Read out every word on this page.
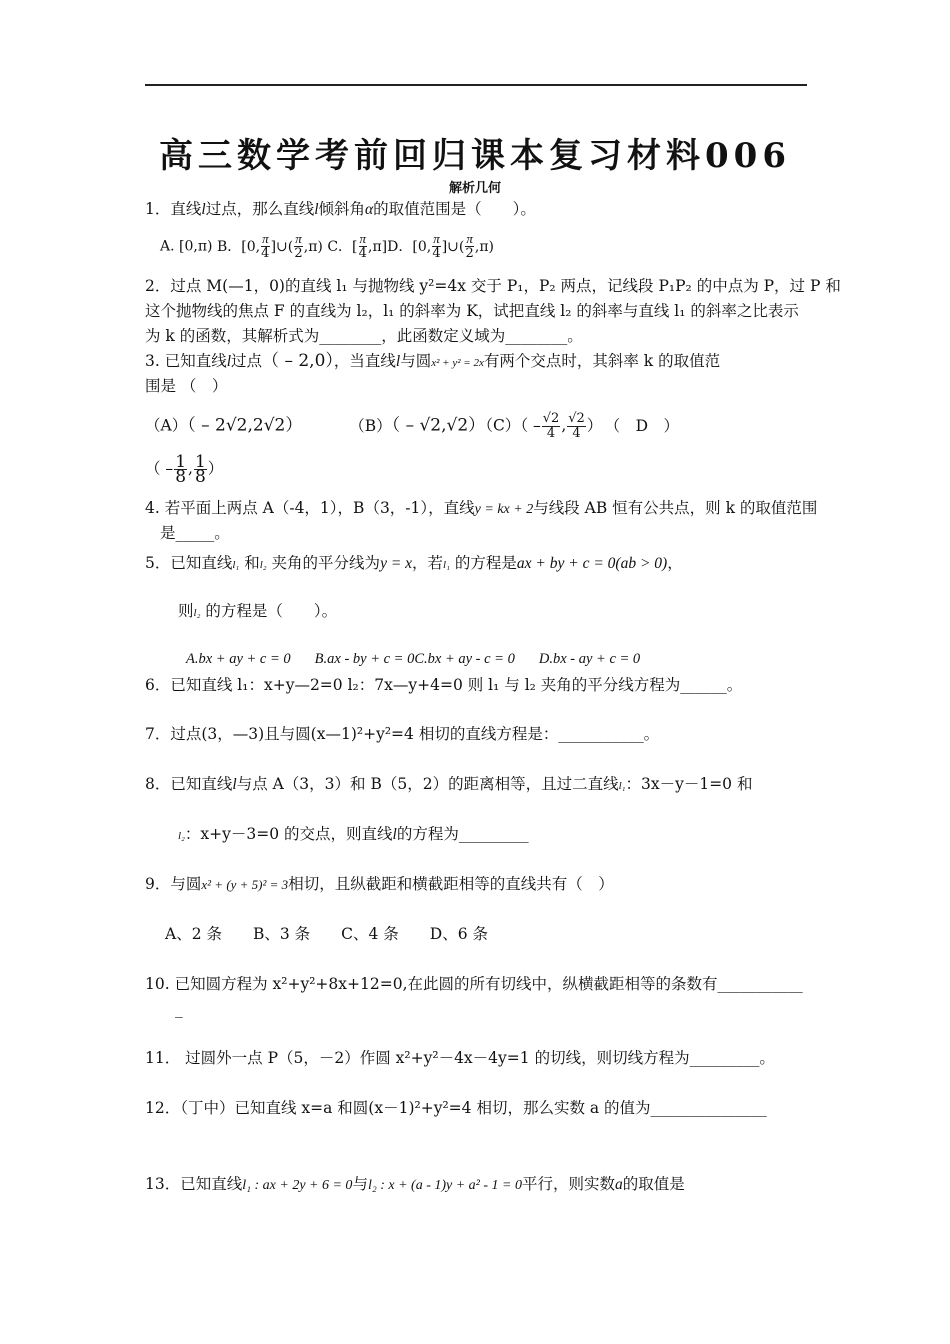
高三数学考前回归课本复习材料006
解析几何
1．直线l过点，那么直线l倾斜角α的取值范围是（　　）。
A. [0,π) B．[0, $\frac{\pi}{4}$ ]∪( $\frac{\pi}{2} ,\pi$) C．[ $\frac{\pi}{4} ,\pi]D$．[0, $\frac{\pi}{4}$ ]∪( $\frac{\pi}{2} ,\pi$)
2．过点 M(—1，0)的直线 l₁ 与抛物线 y²=4x 交于 P₁，P₂ 两点，记线段 P₁P₂ 的中点为 P，过 P 和
这个抛物线的焦点 F 的直线为 l₂，l₁ 的斜率为 K，试把直线 l₂ 的斜率与直线 l₁ 的斜率之比表示
为 k 的函数，其解析式为________，此函数定义域为________。
3. 已知直线l过点（ – 2,0），当直线l与圆x² + y² = 2x有两个交点时，其斜率 k 的取值范
围是 （　）
（A）（ – 2√2,2√2）	$(B)( - √2,√2)(C)( - \frac{√2}{4}$ , $\frac{√2}{4}$ ） （　D　）
（ – $\frac{1}{8}$ , $\frac{1}{8}$ ）
4. 若平面上两点 A（-4，1），B（3，-1），直线y = kx + 2与线段 AB 恒有公共点，则 k 的取值范围
是_____。
5．已知直线l₁ 和l₂ 夹角的平分线为y = x，若l₁ 的方程是ax + by + c = 0(ab > 0)，
则l₂ 的方程是（　　）。
A.bx + ay + c = 0 B.ax - by + c = 0C.bx + ay - c = 0 D.bx - ay + c = 0
6．已知直线 l₁：x+y—2=0 l₂：7x—y+4=0 则 l₁ 与 l₂ 夹角的平分线方程为______。
7．过点(3，—3)且与圆(x—1)²+y²=4 相切的直线方程是：___________。
8．已知直线l与点 A（3，3）和 B（5，2）的距离相等，且过二直线l₁：3x－y－1=0 和
l₂：x+y－3=0 的交点，则直线l的方程为_________
9．与圆x² + (y + 5)² = 3相切，且纵截距和横截距相等的直线共有（　）
A、2 条　　B、3 条　　C、4 条　　D、6 条
10. 已知圆方程为 x²+y²+8x+12=0,在此圆的所有切线中，纵横截距相等的条数有___________
_
11． 过圆外一点 P（5，－2）作圆 x²+y²－4x－4y=1 的切线，则切线方程为_________。
12．（丁中）已知直线 x=a 和圆(x－1)²+y²=4 相切，那么实数 a 的值为_______________
13．已知直线l₁ : ax + 2y + 6 = 0与l₂ : x + (a - 1)y + a² - 1 = 0平行，则实数a的取值是
